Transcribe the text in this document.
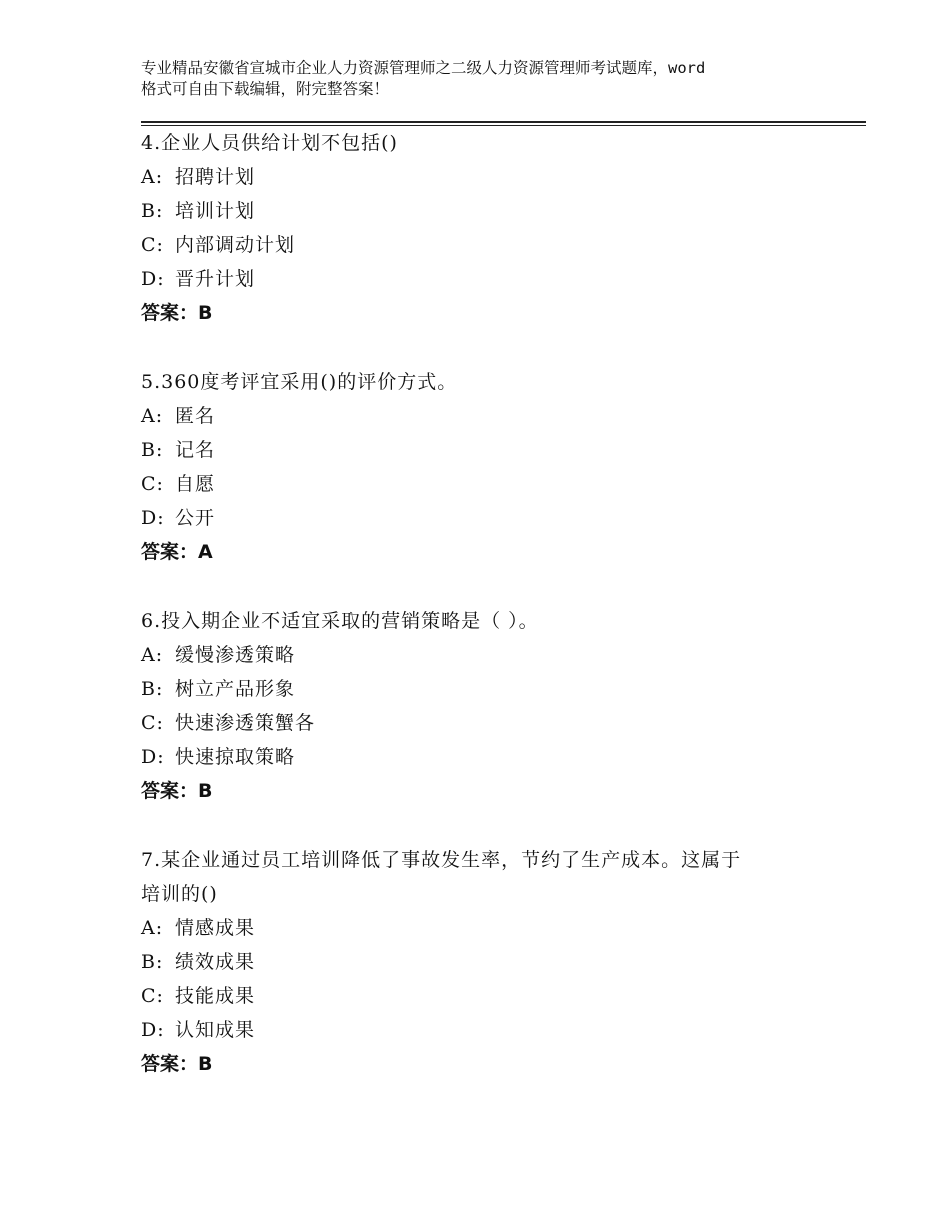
专业精品安徽省宣城市企业人力资源管理师之二级人力资源管理师考试题库，word
格式可自由下载编辑，附完整答案！

4.企业人员供给计划不包括()

A: 招聘计划

B: 培训计划

C: 内部调动计划

D: 晋升计划

答案：B

5.360度考评宜采用()的评价方式。

A: 匿名

B: 记名

C: 自愿

D: 公开

答案：A

6.投入期企业不适宜采取的营销策略是（ ）。

A: 缓慢渗透策略

B: 树立产品形象

C: 快速渗透策蟹各

D: 快速掠取策略

答案：B

7.某企业通过员工培训降低了事故发生率，节约了生产成本。这属于

培训的()

A: 情感成果

B: 绩效成果

C: 技能成果

D: 认知成果

答案：B
